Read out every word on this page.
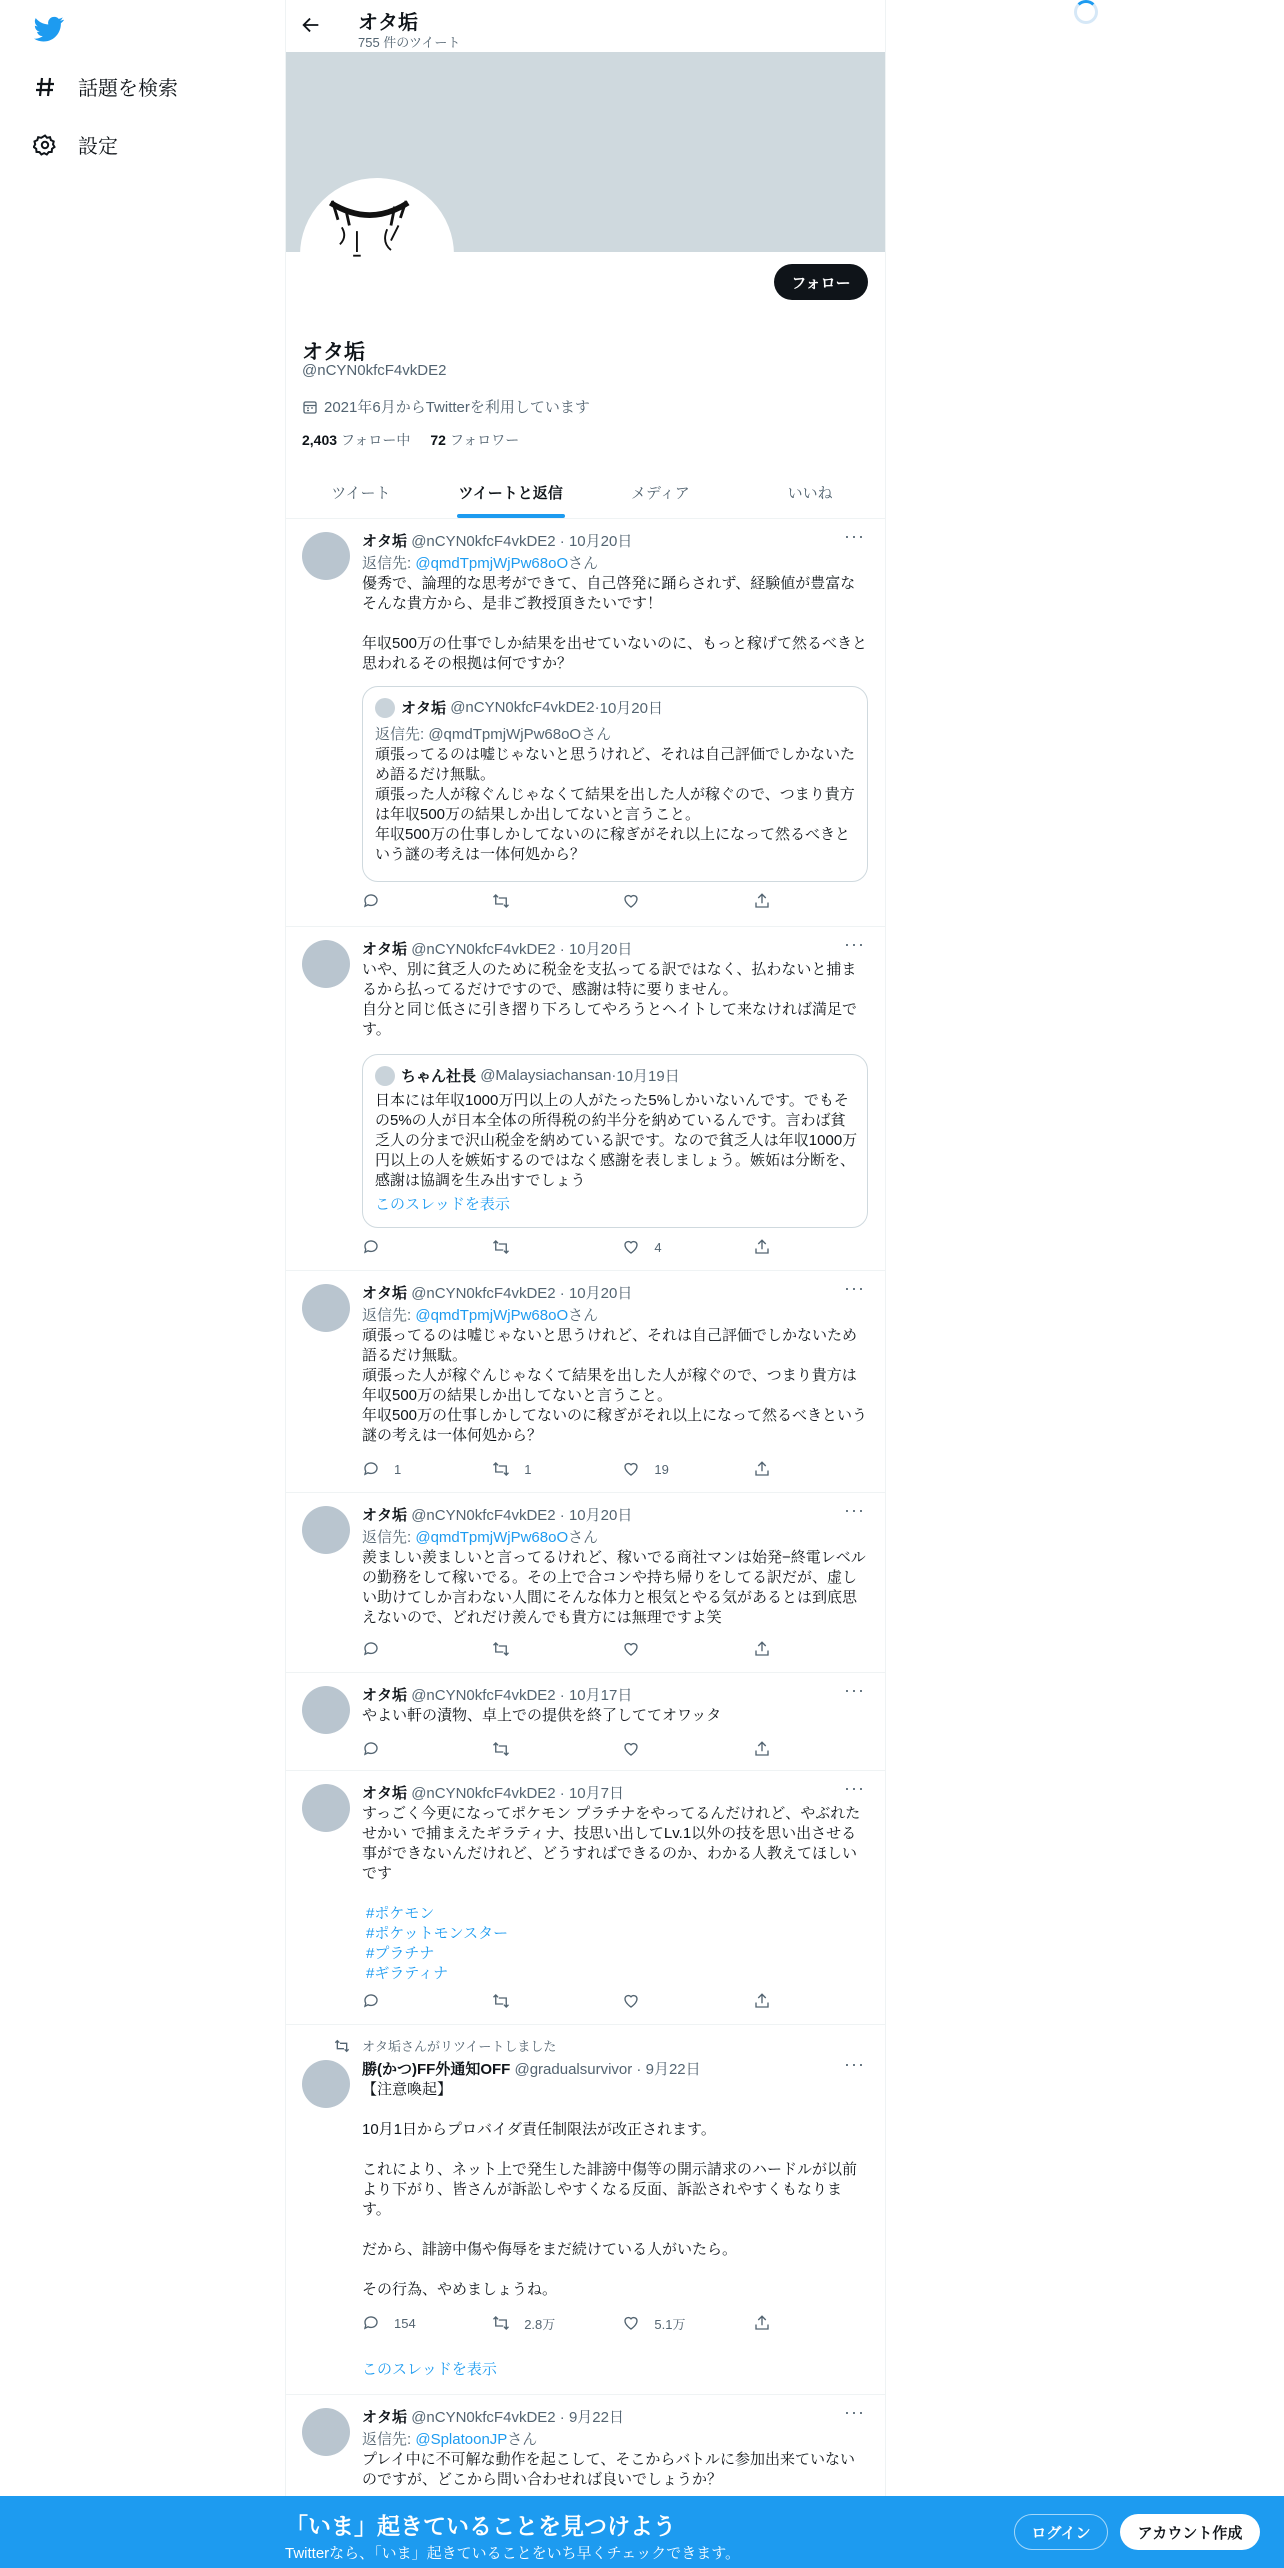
話題を検索
設定
オタ垢
755 件のツイート
フォロー
オタ垢
@nCYN0kfcF4vkDE2
2021年6月からTwitterを利用しています
2,403 フォロー中 72 フォロワー
ツイート	ツイートと返信	メディア	いいね
オタ垢 @nCYN0kfcF4vkDE2 · 10月20日	···
返信先: @qmdTpmjWjPw68oOさん
優秀で、論理的な思考ができて、自己啓発に踊らされず、経験値が豊富なそんな貴方から、是非ご教授頂きたいです！

年収500万の仕事でしか結果を出せていないのに、もっと稼げて然るべきと思われるその根拠は何ですか？
オタ垢
@nCYN0kfcF4vkDE2 · 10月20日
返信先: @qmdTpmjWjPw68oOさん
頑張ってるのは嘘じゃないと思うけれど、それは自己評価でしかないため語るだけ無駄。
頑張った人が稼ぐんじゃなくて結果を出した人が稼ぐので、つまり貴方は年収500万の結果しか出してないと言うこと。
年収500万の仕事しかしてないのに稼ぎがそれ以上になって然るべきという謎の考えは一体何処から？
オタ垢 @nCYN0kfcF4vkDE2 · 10月20日	···
いや、別に貧乏人のために税金を支払ってる訳ではなく、払わないと捕まるから払ってるだけですので、感謝は特に要りません。
自分と同じ低さに引き摺り下ろしてやろうとヘイトして来なければ満足です。
ちゃん社長
@Malaysiachansan · 10月19日
日本には年収1000万円以上の人がたった5%しかいないんです。でもその5%の人が日本全体の所得税の約半分を納めているんです。言わば貧乏人の分まで沢山税金を納めている訳です。なので貧乏人は年収1000万円以上の人を嫉妬するのではなく感謝を表しましょう。嫉妬は分断を、感謝は協調を生み出すでしょう
このスレッドを表示
4
オタ垢 @nCYN0kfcF4vkDE2 · 10月20日	···
返信先: @qmdTpmjWjPw68oOさん
頑張ってるのは嘘じゃないと思うけれど、それは自己評価でしかないため語るだけ無駄。
頑張った人が稼ぐんじゃなくて結果を出した人が稼ぐので、つまり貴方は年収500万の結果しか出してないと言うこと。
年収500万の仕事しかしてないのに稼ぎがそれ以上になって然るべきという謎の考えは一体何処から？
1	1	19
オタ垢 @nCYN0kfcF4vkDE2 · 10月20日	···
返信先: @qmdTpmjWjPw68oOさん
羨ましい羨ましいと言ってるけれど、稼いでる商社マンは始発−終電レベルの勤務をして稼いでる。その上で合コンや持ち帰りをしてる訳だが、虚しい助けてしか言わない人間にそんな体力と根気とやる気があるとは到底思えないので、どれだけ羨んでも貴方には無理ですよ笑
オタ垢 @nCYN0kfcF4vkDE2 · 10月17日	···
やよい軒の漬物、卓上での提供を終了しててオワッタ
オタ垢 @nCYN0kfcF4vkDE2 · 10月7日	···
すっごく今更になってポケモン プラチナをやってるんだけれど、やぶれたせかい で捕まえたギラティナ、技思い出してLv.1以外の技を思い出させる事ができないんだけれど、どうすればできるのか、わかる人教えてほしいです
#ポケモン
#ポケットモンスター
#プラチナ
#ギラティナ
オタ垢さんがリツイートしました
勝(かつ)FF外通知OFF @gradualsurvivor · 9月22日	···
【注意喚起】

10月1日からプロバイダ責任制限法が改正されます。

これにより、ネット上で発生した誹謗中傷等の開示請求のハードルが以前より下がり、皆さんが訴訟しやすくなる反面、訴訟されやすくもなります。

だから、誹謗中傷や侮辱をまだ続けている人がいたら。

その行為、やめましょうね。
154	2.8万	5.1万
このスレッドを表示
オタ垢 @nCYN0kfcF4vkDE2 · 9月22日	···
返信先: @SplatoonJPさん
プレイ中に不可解な動作を起こして、そこからバトルに参加出来ていないのですが、どこから問い合わせれば良いでしょうか？
「いま」起きていることを見つけよう
Twitterなら、「いま」起きていることをいち早くチェックできます。
ログイン	アカウント作成
